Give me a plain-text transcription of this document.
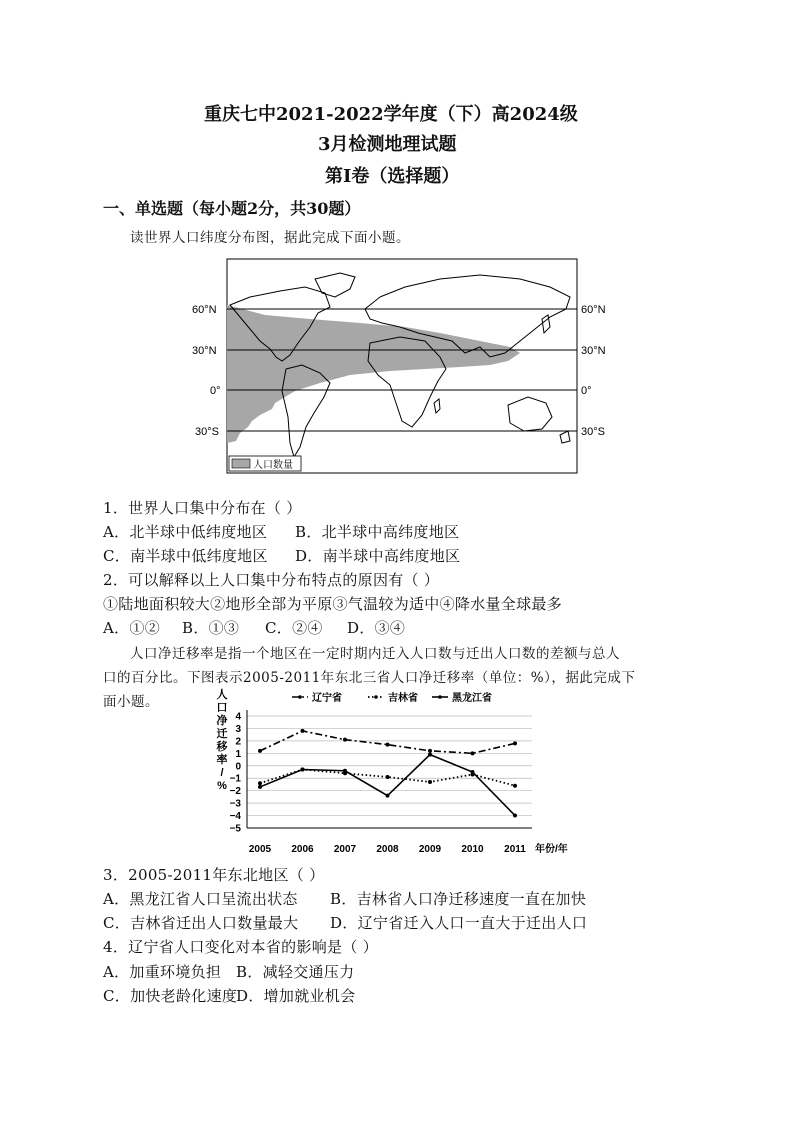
重庆七中2021-2022学年度（下）高2024级
3月检测地理试题
第Ⅰ卷（选择题）
一、单选题（每小题2分，共30题）
读世界人口纬度分布图，据此完成下面小题。
60°N
30°N
0°
30°S
60°N
30°N
0°
30°S
人口数量
1．世界人口集中分布在（ ）
A．北半球中低纬度地区 B．北半球中高纬度地区
C．南半球中低纬度地区 D．南半球中高纬度地区
2．可以解释以上人口集中分布特点的原因有（ ）
①陆地面积较大②地形全部为平原③气温较为适中④降水量全球最多
A．①② B．①③ C．②④ D．③④
人口净迁移率是指一个地区在一定时期内迁入人口数与迁出人口数的差额与总人
口的百分比。下图表示2005-2011年东北三省人口净迁移率（单位：%），据此完成下
面小题。	人
口
净
迁
移
率
/
%
4
3
2
1
0
−1
−2
−3
−4
−5
2005 2006 2007 2008 2009 2010 2011 年份/年
辽宁省	吉林省	黑龙江省
3．2005-2011年东北地区（ ）
A．黑龙江省人口呈流出状态 B．吉林省人口净迁移速度一直在加快
C．吉林省迁出人口数量最大 D．辽宁省迁入人口一直大于迁出人口
4．辽宁省人口变化对本省的影响是（ ）
A．加重环境负担 B．减轻交通压力
C．加快老龄化速度
D．增加就业机会
